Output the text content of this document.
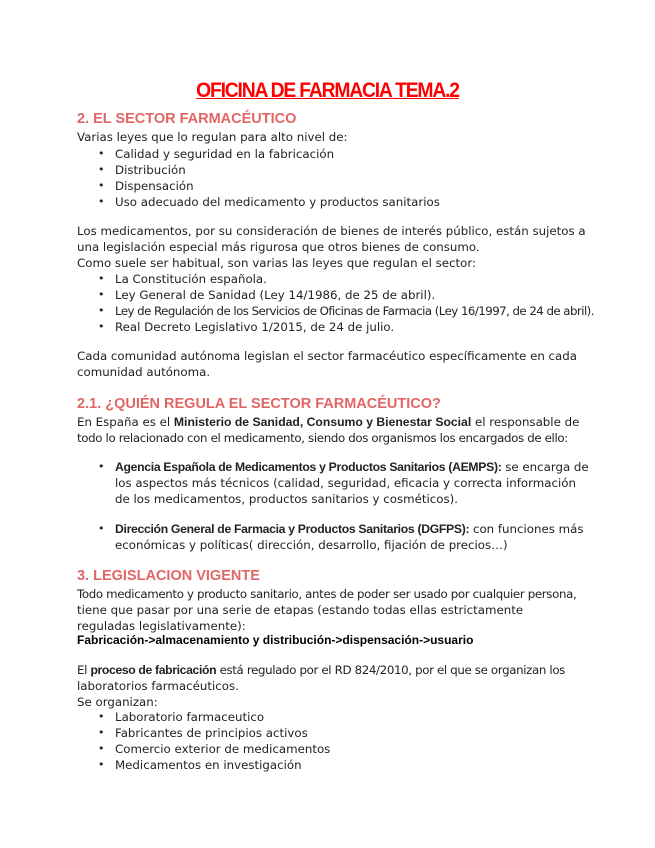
OFICINA DE FARMACIA TEMA.2
2. EL SECTOR FARMACÉUTICO
Varias leyes que lo regulan para alto nivel de:
• Calidad y seguridad en la fabricación
• Distribución
• Dispensación
• Uso adecuado del medicamento y productos sanitarios
Los medicamentos, por su consideración de bienes de interés público, están sujetos a
una legislación especial más rigurosa que otros bienes de consumo.
Como suele ser habitual, son varias las leyes que regulan el sector:
• La Constitución española.
• Ley General de Sanidad (Ley 14/1986, de 25 de abril).
• Ley de Regulación de los Servicios de Oficinas de Farmacia (Ley 16/1997, de 24 de abril).
• Real Decreto Legislativo 1/2015, de 24 de julio.
Cada comunidad autónoma legislan el sector farmacéutico específicamente en cada
comunidad autónoma.
2.1. ¿QUIÉN REGULA EL SECTOR FARMACÉUTICO?
En España es el Ministerio de Sanidad, Consumo y Bienestar Social el responsable de
todo lo relacionado con el medicamento, siendo dos organismos los encargados de ello:
• Agencia Española de Medicamentos y Productos Sanitarios (AEMPS): se encarga de
los aspectos más técnicos (calidad, seguridad, eficacia y correcta información
de los medicamentos, productos sanitarios y cosméticos).
• Dirección General de Farmacia y Productos Sanitarios (DGFPS): con funciones más
económicas y políticas( dirección, desarrollo, fijación de precios…)
3. LEGISLACION VIGENTE
Todo medicamento y producto sanitario, antes de poder ser usado por cualquier persona,
tiene que pasar por una serie de etapas (estando todas ellas estrictamente
reguladas legislativamente):
Fabricación->almacenamiento y distribución->dispensación->usuario
El proceso de fabricación está regulado por el RD 824/2010, por el que se organizan los
laboratorios farmacéuticos.
Se organizan:
• Laboratorio farmaceutico
• Fabricantes de principios activos
• Comercio exterior de medicamentos
• Medicamentos en investigación
